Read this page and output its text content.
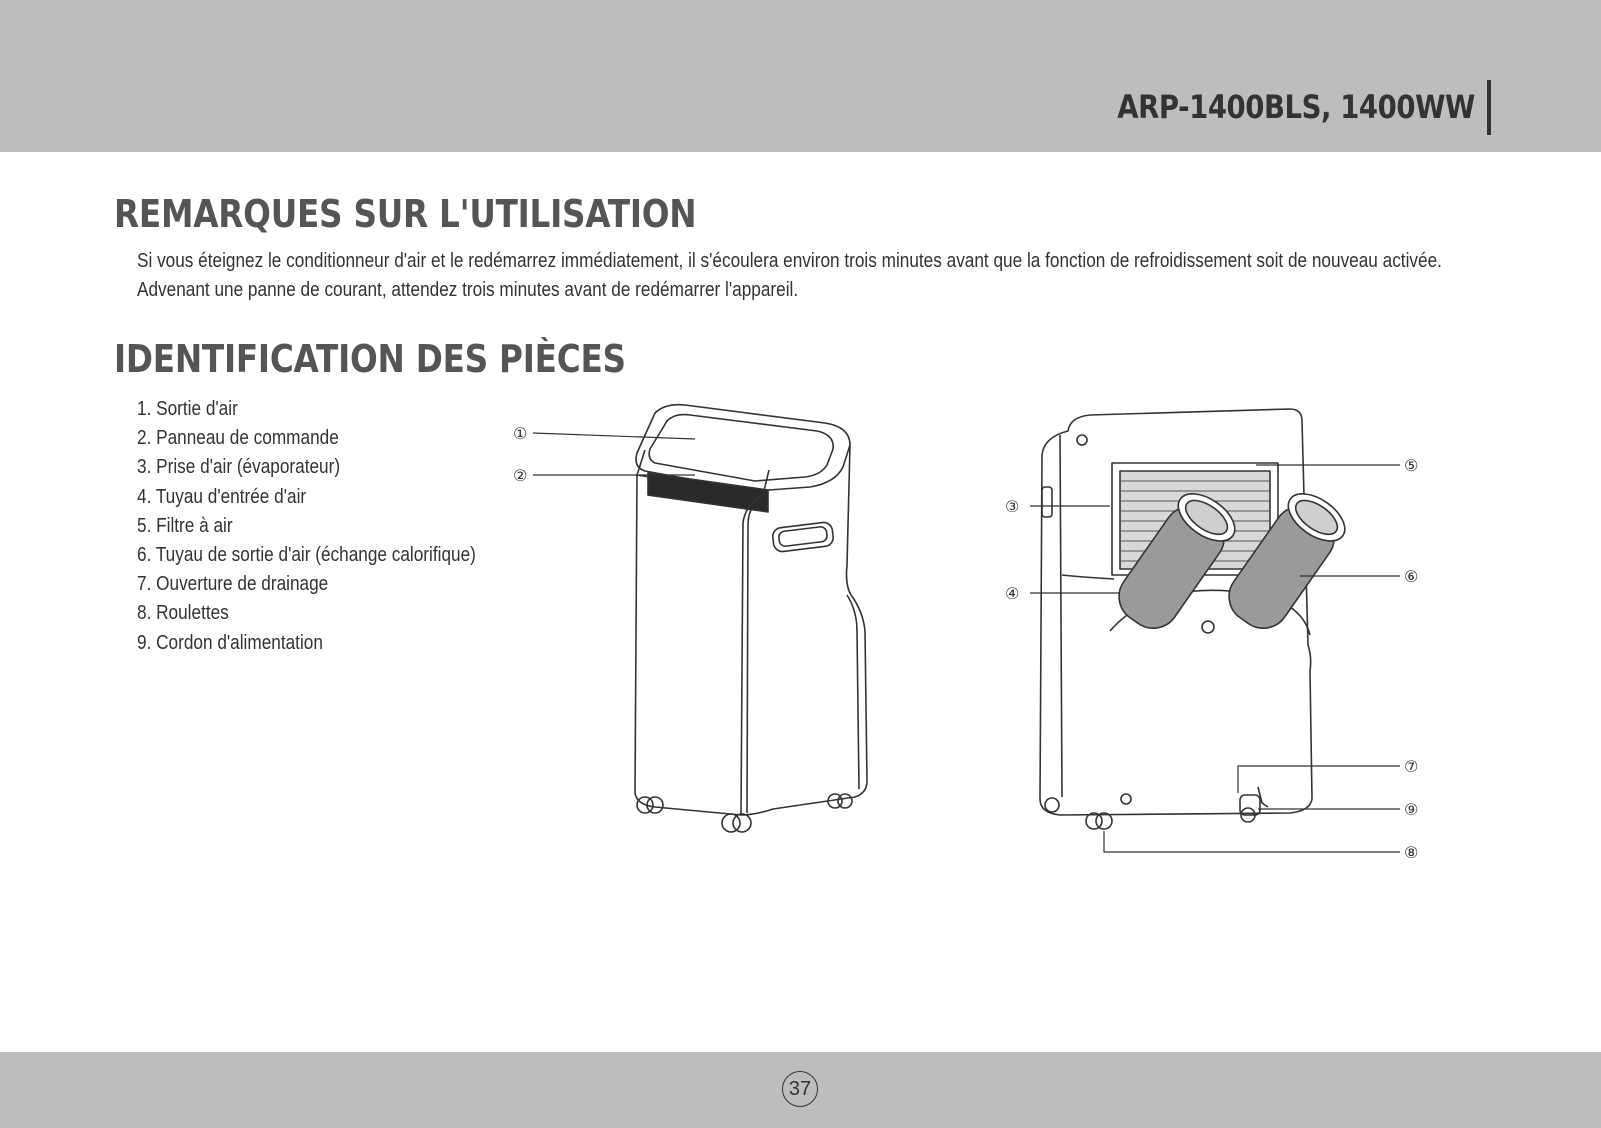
ARP-1400BLS, 1400WW
REMARQUES SUR L'UTILISATION

Si vous éteignez le conditionneur d'air et le redémarrez immédiatement, il s'écoulera environ trois minutes avant que la fonction de refroidissement soit de nouveau activée.

Advenant une panne de courant, attendez trois minutes avant de redémarrer l'appareil.

IDENTIFICATION DES PIÈCES
1. Sortie d'air
2. Panneau de commande
3. Prise d'air (évaporateur)
4. Tuyau d'entrée d'air
5. Filtre à air
6. Tuyau de sortie d'air (échange calorifique)
7. Ouverture de drainage
8. Roulettes
9. Cordon d'alimentation
①
②
③
④
⑤
⑥
⑦
⑨
⑧
37
